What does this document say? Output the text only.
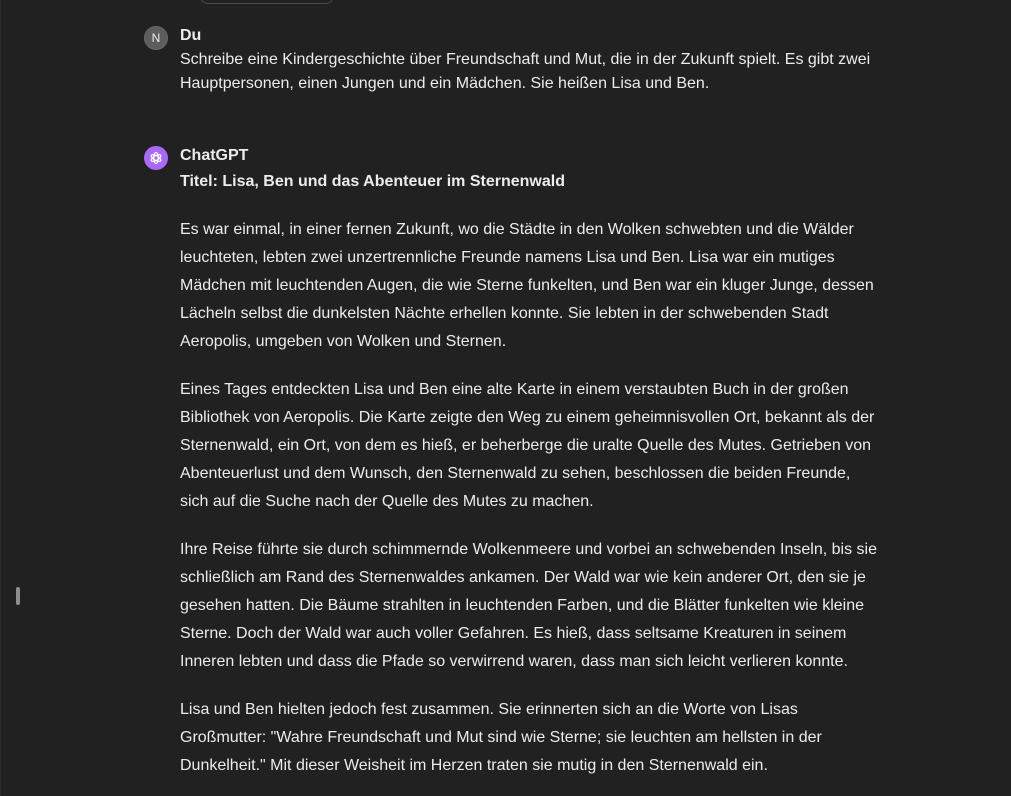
N Du

Schreibe eine Kindergeschichte über Freundschaft und Mut, die in der Zukunft spielt. Es gibt zwei Hauptpersonen, einen Jungen und ein Mädchen. Sie heißen Lisa und Ben.

ChatGPT

Titel: Lisa, Ben und das Abenteuer im Sternenwald

Es war einmal, in einer fernen Zukunft, wo die Städte in den Wolken schwebten und die Wälder leuchteten, lebten zwei unzertrennliche Freunde namens Lisa und Ben. Lisa war ein mutiges Mädchen mit leuchtenden Augen, die wie Sterne funkelten, und Ben war ein kluger Junge, dessen Lächeln selbst die dunkelsten Nächte erhellen konnte. Sie lebten in der schwebenden Stadt Aeropolis, umgeben von Wolken und Sternen.

Eines Tages entdeckten Lisa und Ben eine alte Karte in einem verstaubten Buch in der großen Bibliothek von Aeropolis. Die Karte zeigte den Weg zu einem geheimnisvollen Ort, bekannt als der Sternenwald, ein Ort, von dem es hieß, er beherberge die uralte Quelle des Mutes. Getrieben von Abenteuerlust und dem Wunsch, den Sternenwald zu sehen, beschlossen die beiden Freunde, sich auf die Suche nach der Quelle des Mutes zu machen.

Ihre Reise führte sie durch schimmernde Wolkenmeere und vorbei an schwebenden Inseln, bis sie schließlich am Rand des Sternenwaldes ankamen. Der Wald war wie kein anderer Ort, den sie je gesehen hatten. Die Bäume strahlten in leuchtenden Farben, und die Blätter funkelten wie kleine Sterne. Doch der Wald war auch voller Gefahren. Es hieß, dass seltsame Kreaturen in seinem Inneren lebten und dass die Pfade so verwirrend waren, dass man sich leicht verlieren konnte.

Lisa und Ben hielten jedoch fest zusammen. Sie erinnerten sich an die Worte von Lisas Großmutter: "Wahre Freundschaft und Mut sind wie Sterne; sie leuchten am hellsten in der Dunkelheit." Mit dieser Weisheit im Herzen traten sie mutig in den Sternenwald ein.
